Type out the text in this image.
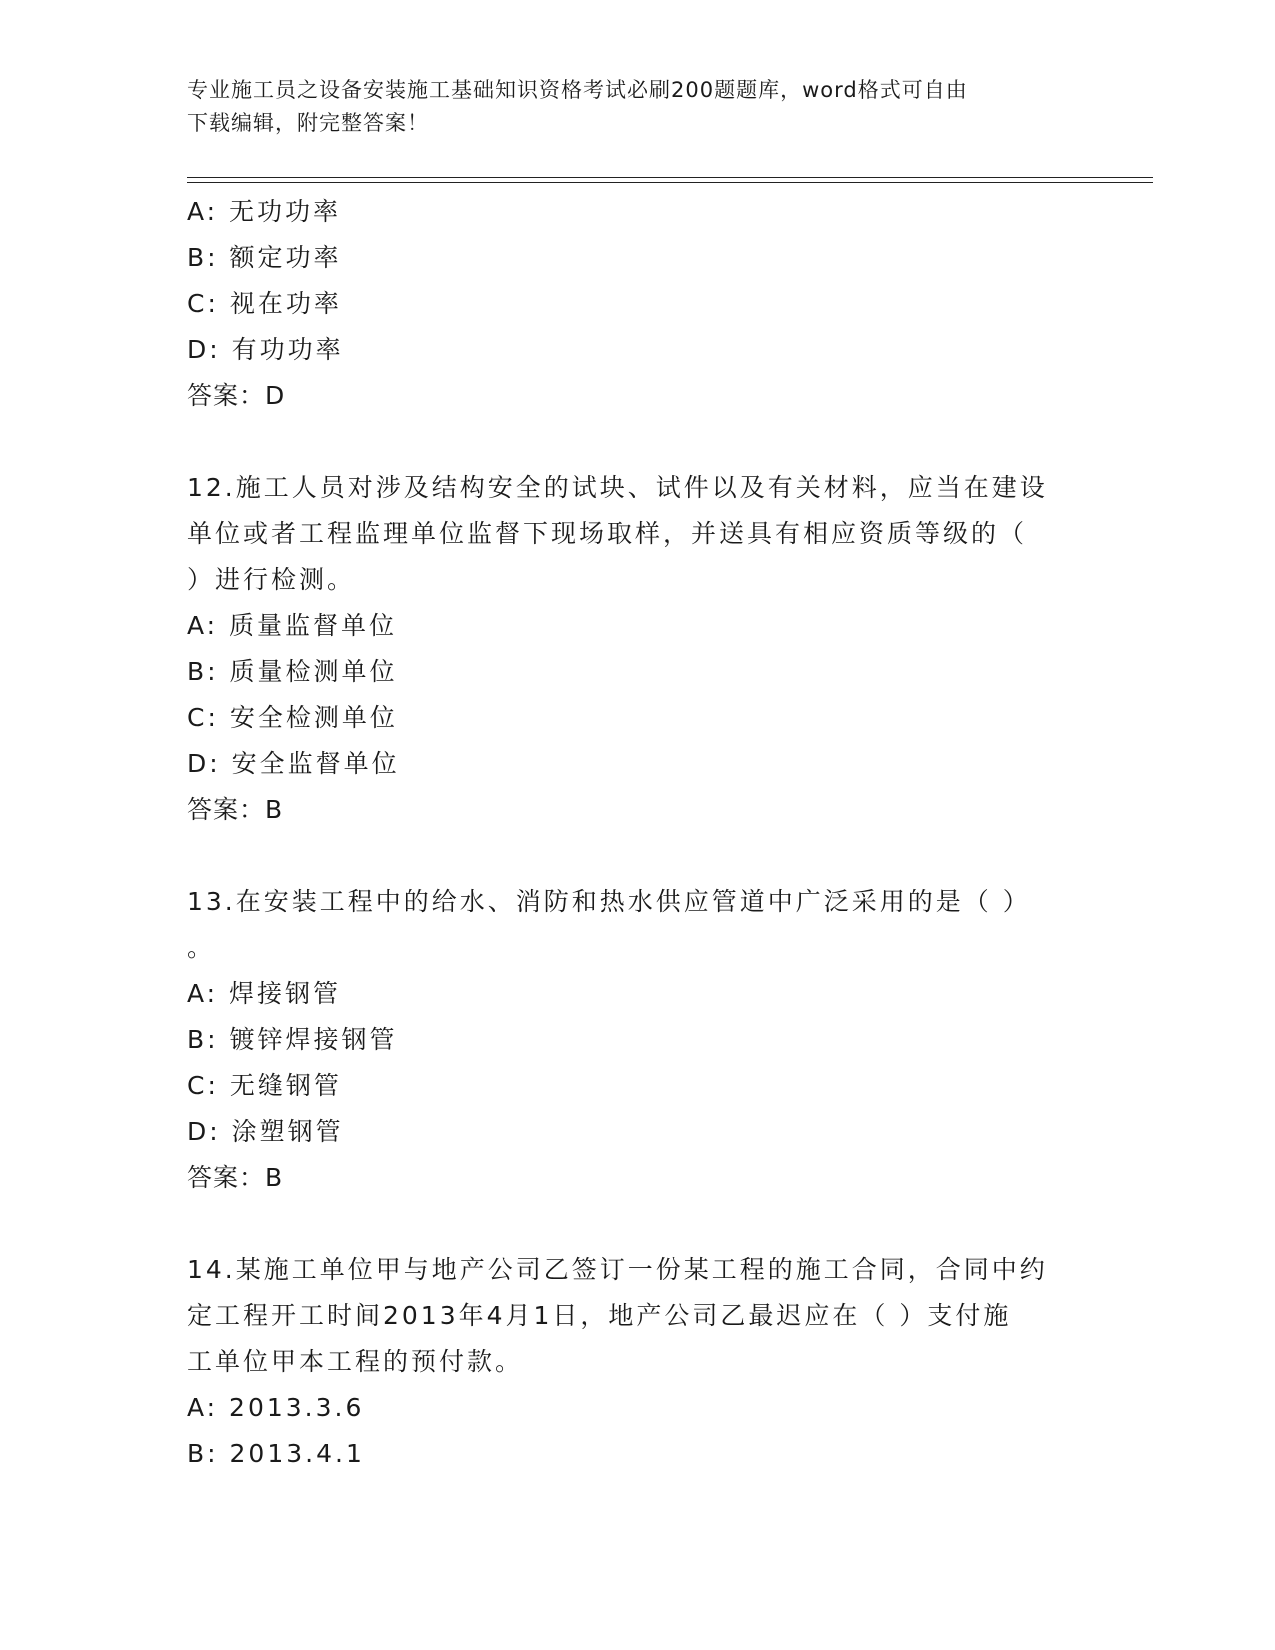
专业施工员之设备安装施工基础知识资格考试必刷200题题库，word格式可自由
下载编辑，附完整答案！
A: 无功功率
B: 额定功率
C: 视在功率
D: 有功功率
答案：D
12.施工人员对涉及结构安全的试块、试件以及有关材料，应当在建设
单位或者工程监理单位监督下现场取样，并送具有相应资质等级的（
）进行检测。
A: 质量监督单位
B: 质量检测单位
C: 安全检测单位
D: 安全监督单位
答案：B
13.在安装工程中的给水、消防和热水供应管道中广泛采用的是（ ）
。
A: 焊接钢管
B: 镀锌焊接钢管
C: 无缝钢管
D: 涂塑钢管
答案：B
14.某施工单位甲与地产公司乙签订一份某工程的施工合同，合同中约
定工程开工时间2013年4月1日，地产公司乙最迟应在（ ）支付施
工单位甲本工程的预付款。
A: 2013.3.6
B: 2013.4.1
